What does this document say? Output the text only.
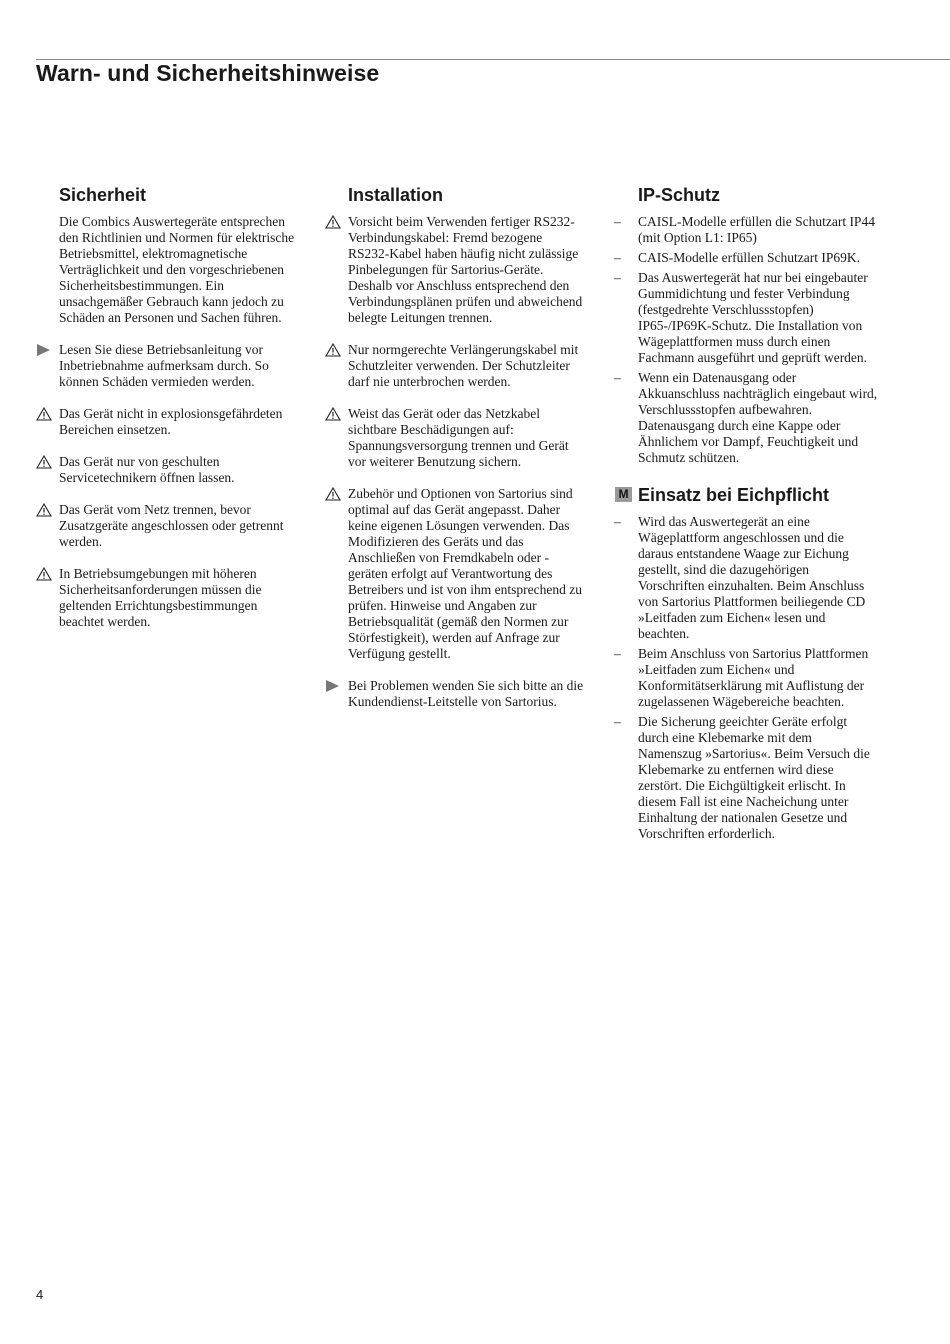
Warn- und Sicherheitshinweise
Sicherheit

Die Combics Auswertegeräte entsprechen den Richtlinien und Normen für elektrische Betriebsmittel, elektromagnetische Verträglichkeit und den vorgeschriebenen Sicherheitsbestimmungen. Ein unsachgemäßer Gebrauch kann jedoch zu Schäden an Personen und Sachen führen.

Lesen Sie diese Betriebsanleitung vor Inbetriebnahme aufmerksam durch. So können Schäden vermieden werden.

Das Gerät nicht in explosionsgefährdeten Bereichen einsetzen.

Das Gerät nur von geschulten Servicetechnikern öffnen lassen.

Das Gerät vom Netz trennen, bevor Zusatzgeräte angeschlossen oder getrennt werden.

In Betriebsumgebungen mit höheren Sicherheitsanforderungen müssen die geltenden Errichtungsbestimmungen beachtet werden.

Installation

Vorsicht beim Verwenden fertiger RS232-Verbindungskabel: Fremd bezogene RS232-Kabel haben häufig nicht zulässige Pinbelegungen für Sartorius-Geräte. Deshalb vor Anschluss entsprechend den Verbindungsplänen prüfen und abweichend belegte Leitungen trennen.

Nur normgerechte Verlängerungskabel mit Schutzleiter verwenden. Der Schutzleiter darf nie unterbrochen werden.

Weist das Gerät oder das Netzkabel sichtbare Beschädigungen auf: Spannungsversorgung trennen und Gerät vor weiterer Benutzung sichern.

Zubehör und Optionen von Sartorius sind optimal auf das Gerät angepasst. Daher keine eigenen Lösungen verwenden. Das Modifizieren des Geräts und das Anschließen von Fremdkabeln oder -geräten erfolgt auf Verantwortung des Betreibers und ist von ihm entsprechend zu prüfen. Hinweise und Angaben zur Betriebsqualität (gemäß den Normen zur Störfestigkeit), werden auf Anfrage zur Verfügung gestellt.

Bei Problemen wenden Sie sich bitte an die Kundendienst-Leitstelle von Sartorius.

IP-Schutz
– CAISL-Modelle erfüllen die Schutzart IP44 (mit Option L1: IP65)
– CAIS-Modelle erfüllen Schutzart IP69K.
– Das Auswertegerät hat nur bei eingebauter Gummidichtung und fester Verbindung (festgedrehte Verschlussstopfen) IP65-/IP69K-Schutz. Die Installation von Wägeplattformen muss durch einen Fachmann ausgeführt und geprüft werden.
– Wenn ein Datenausgang oder Akkuanschluss nachträglich eingebaut wird, Verschlussstopfen aufbewahren. Datenausgang durch eine Kappe oder Ähnlichem vor Dampf, Feuchtigkeit und Schmutz schützen.
M Einsatz bei Eichpflicht
– Wird das Auswertegerät an eine Wägeplattform angeschlossen und die daraus entstandene Waage zur Eichung gestellt, sind die dazugehörigen Vorschriften einzuhalten. Beim Anschluss von Sartorius Plattformen beiliegende CD »Leitfaden zum Eichen« lesen und beachten.
– Beim Anschluss von Sartorius Plattformen »Leitfaden zum Eichen« und Konformitätserklärung mit Auflistung der zugelassenen Wägebereiche beachten.
– Die Sicherung geeichter Geräte erfolgt durch eine Klebemarke mit dem Namenszug »Sartorius«. Beim Versuch die Klebemarke zu entfernen wird diese zerstört. Die Eichgültigkeit erlischt. In diesem Fall ist eine Nacheichung unter Einhaltung der nationalen Gesetze und Vorschriften erforderlich.
4
